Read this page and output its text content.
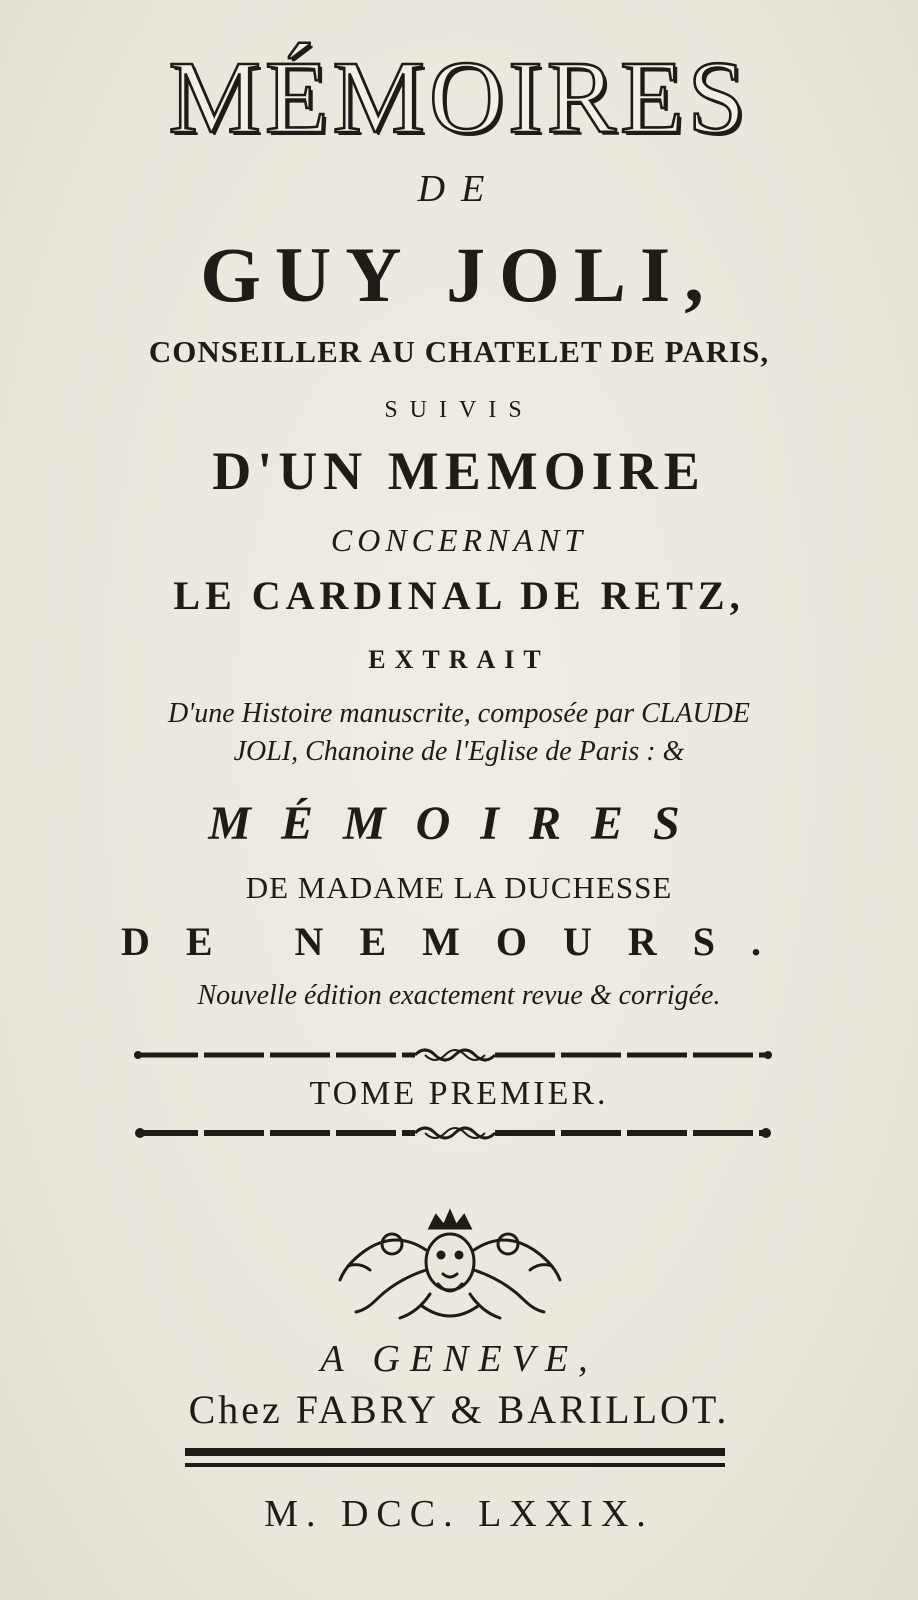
MÉMOIRES
DE
GUY JOLI,
CONSEILLER AU CHATELET DE PARIS,
SUIVIS
D'UN MEMOIRE
CONCERNANT
LE CARDINAL DE RETZ,
EXTRAIT
D'une Histoire manuscrite, composée par CLAUDE
JOLI, Chanoine de l'Eglise de Paris : &
MÉMOIRES
DE MADAME LA DUCHESSE
DE NEMOURS.
Nouvelle édition exactement revue & corrigée.
TOME PREMIER.
A GENEVE,
Chez FABRY & BARILLOT.
M. DCC. LXXIX.
